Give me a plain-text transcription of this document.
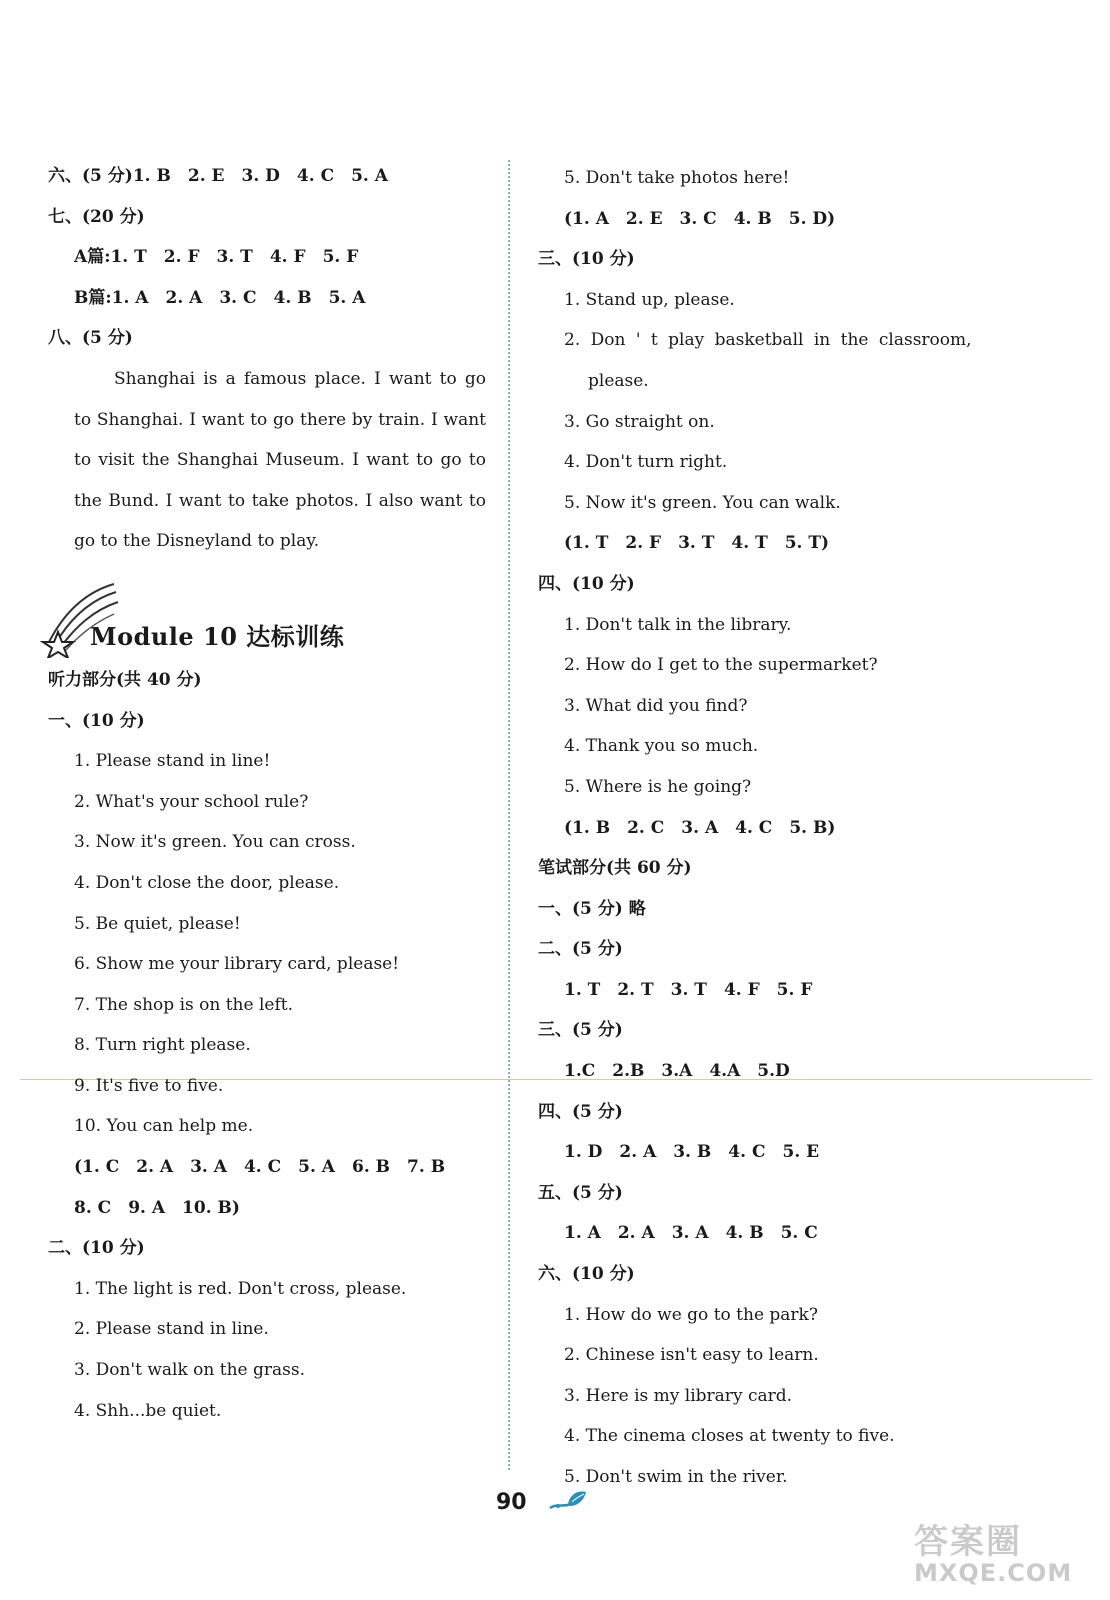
六、(5 分)1. B　2. E　3. D　4. C　5. A
七、(20 分)
A篇:1. T　2. F　3. T　4. F　5. F
B篇:1. A　2. A　3. C　4. B　5. A
八、(5 分)
Shanghai is a famous place. I want to go to Shanghai. I want to go there by train. I want to visit the Shanghai Museum. I want to go to the Bund. I want to take photos. I also want to go to the Disneyland to play.
Module 10 达标训练
听力部分(共 40 分)
一、(10 分)
1. Please stand in line!
2. What's your school rule?
3. Now it's green. You can cross.
4. Don't close the door, please.
5. Be quiet, please!
6. Show me your library card, please!
7. The shop is on the left.
8. Turn right please.
9. It's five to five.
10. You can help me.
(1. C　2. A　3. A　4. C　5. A　6. B　7. B
8. C　9. A　10. B)
二、(10 分)
1. The light is red. Don't cross, please.
2. Please stand in line.
3. Don't walk on the grass.
4. Shh...be quiet.
5. Don't take photos here!
(1. A　2. E　3. C　4. B　5. D)
三、(10 分)
1. Stand up, please.
2. Don ' t play basketball in the classroom,
please.
3. Go straight on.
4. Don't turn right.
5. Now it's green. You can walk.
(1. T　2. F　3. T　4. T　5. T)
四、(10 分)
1. Don't talk in the library.
2. How do I get to the supermarket?
3. What did you find?
4. Thank you so much.
5. Where is he going?
(1. B　2. C　3. A　4. C　5. B)
笔试部分(共 60 分)
一、(5 分) 略
二、(5 分)
1. T　2. T　3. T　4. F　5. F
三、(5 分)
1.C　2.B　3.A　4.A　5.D
四、(5 分)
1. D　2. A　3. B　4. C　5. E
五、(5 分)
1. A　2. A　3. A　4. B　5. C
六、(10 分)
1. How do we go to the park?
2. Chinese isn't easy to learn.
3. Here is my library card.
4. The cinema closes at twenty to five.
5. Don't swim in the river.
90
答案圈
MXQE.COM
